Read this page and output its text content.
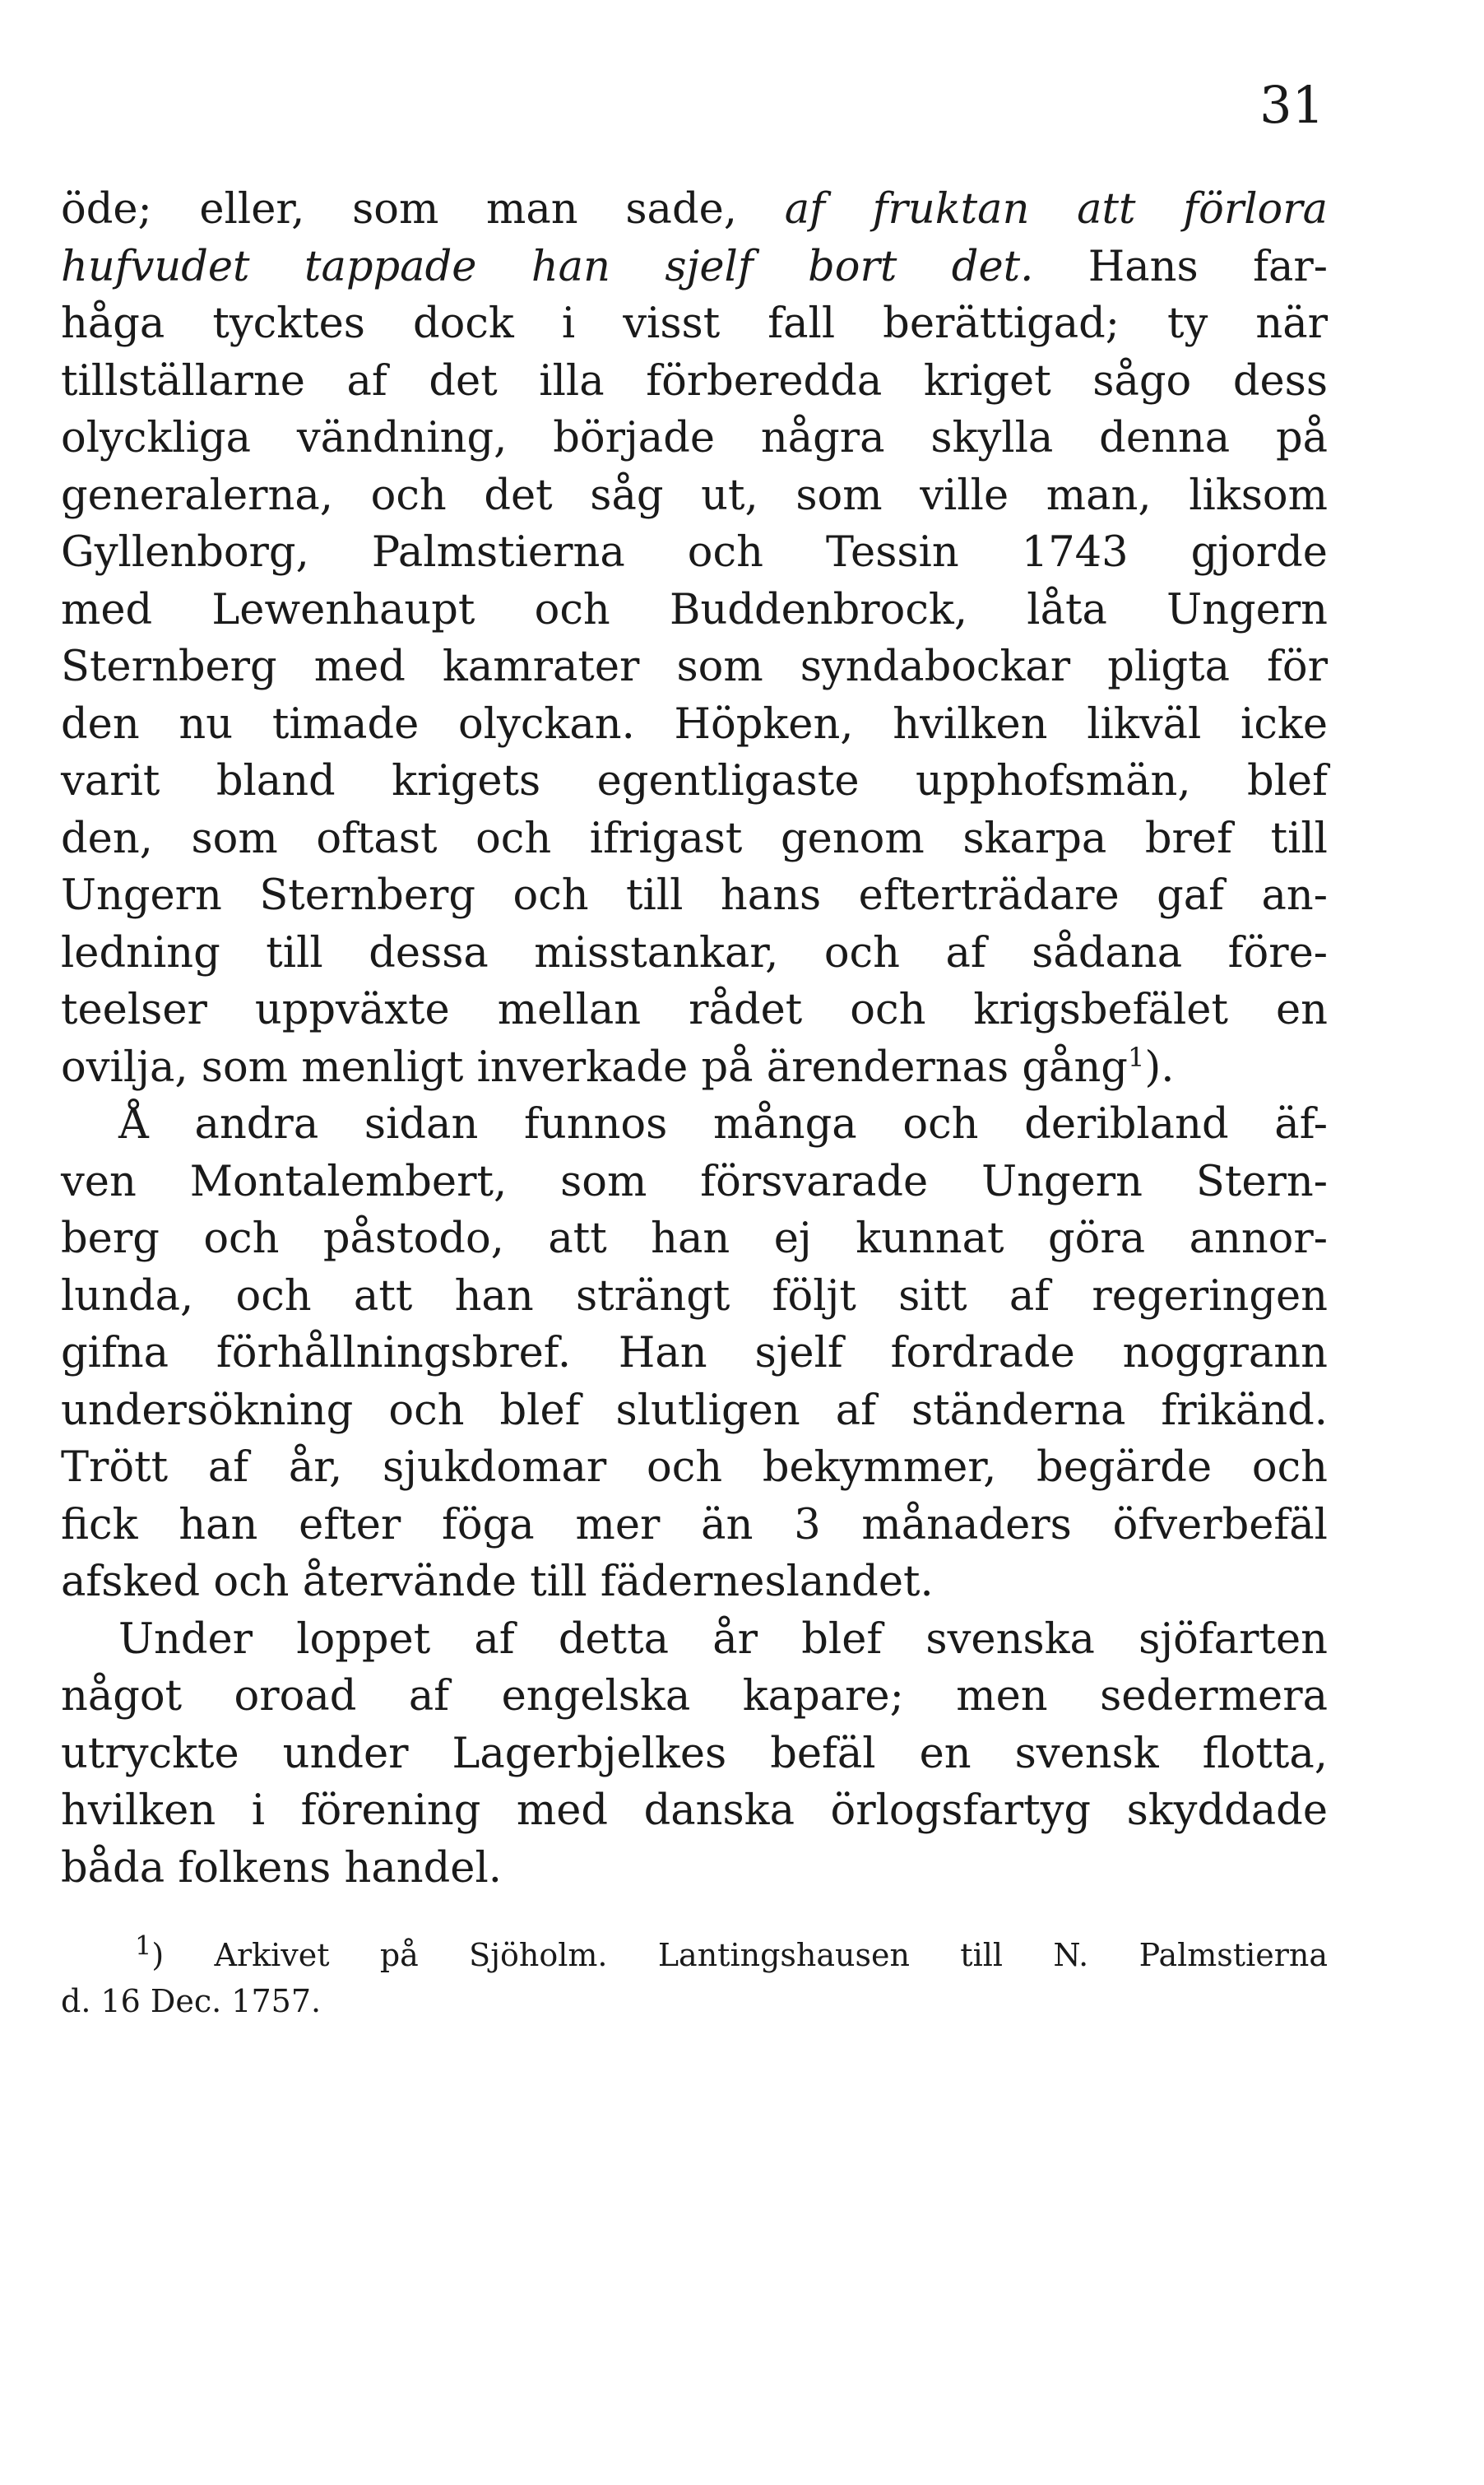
31
öde; eller, som man sade, af fruktan att förlora
hufvudet tappade han sjelf bort det. Hans far-
håga tycktes dock i visst fall berättigad; ty när
tillställarne af det illa förberedda kriget sågo dess
olyckliga vändning, började några skylla denna på
generalerna, och det såg ut, som ville man, liksom
Gyllenborg, Palmstierna och Tessin 1743 gjorde
med Lewenhaupt och Buddenbrock, låta Ungern
Sternberg med kamrater som syndabockar pligta för
den nu timade olyckan. Höpken, hvilken likväl icke
varit bland krigets egentligaste upphofsmän, blef
den, som oftast och ifrigast genom skarpa bref till
Ungern Sternberg och till hans efterträdare gaf an-
ledning till dessa misstankar, och af sådana före-
teelser uppväxte mellan rådet och krigsbefälet en
ovilja, som menligt inverkade på ärendernas gång$^1$).
Å andra sidan funnos många och deribland äf-
ven Montalembert, som försvarade Ungern Stern-
berg och påstodo, att han ej kunnat göra annor-
lunda, och att han strängt följt sitt af regeringen
gifna förhållningsbref. Han sjelf fordrade noggrann
undersökning och blef slutligen af ständerna frikänd.
Trött af år, sjukdomar och bekymmer, begärde och
fick han efter föga mer än 3 månaders öfverbefäl
afsked och återvände till fäderneslandet.
Under loppet af detta år blef svenska sjöfarten
något oroad af engelska kapare; men sedermera
utryckte under Lagerbjelkes befäl en svensk flotta,
hvilken i förening med danska örlogsfartyg skyddade
båda folkens handel.
$^1$) Arkivet på Sjöholm. Lantingshausen till N. Palmstierna
d. 16 Dec. 1757.
